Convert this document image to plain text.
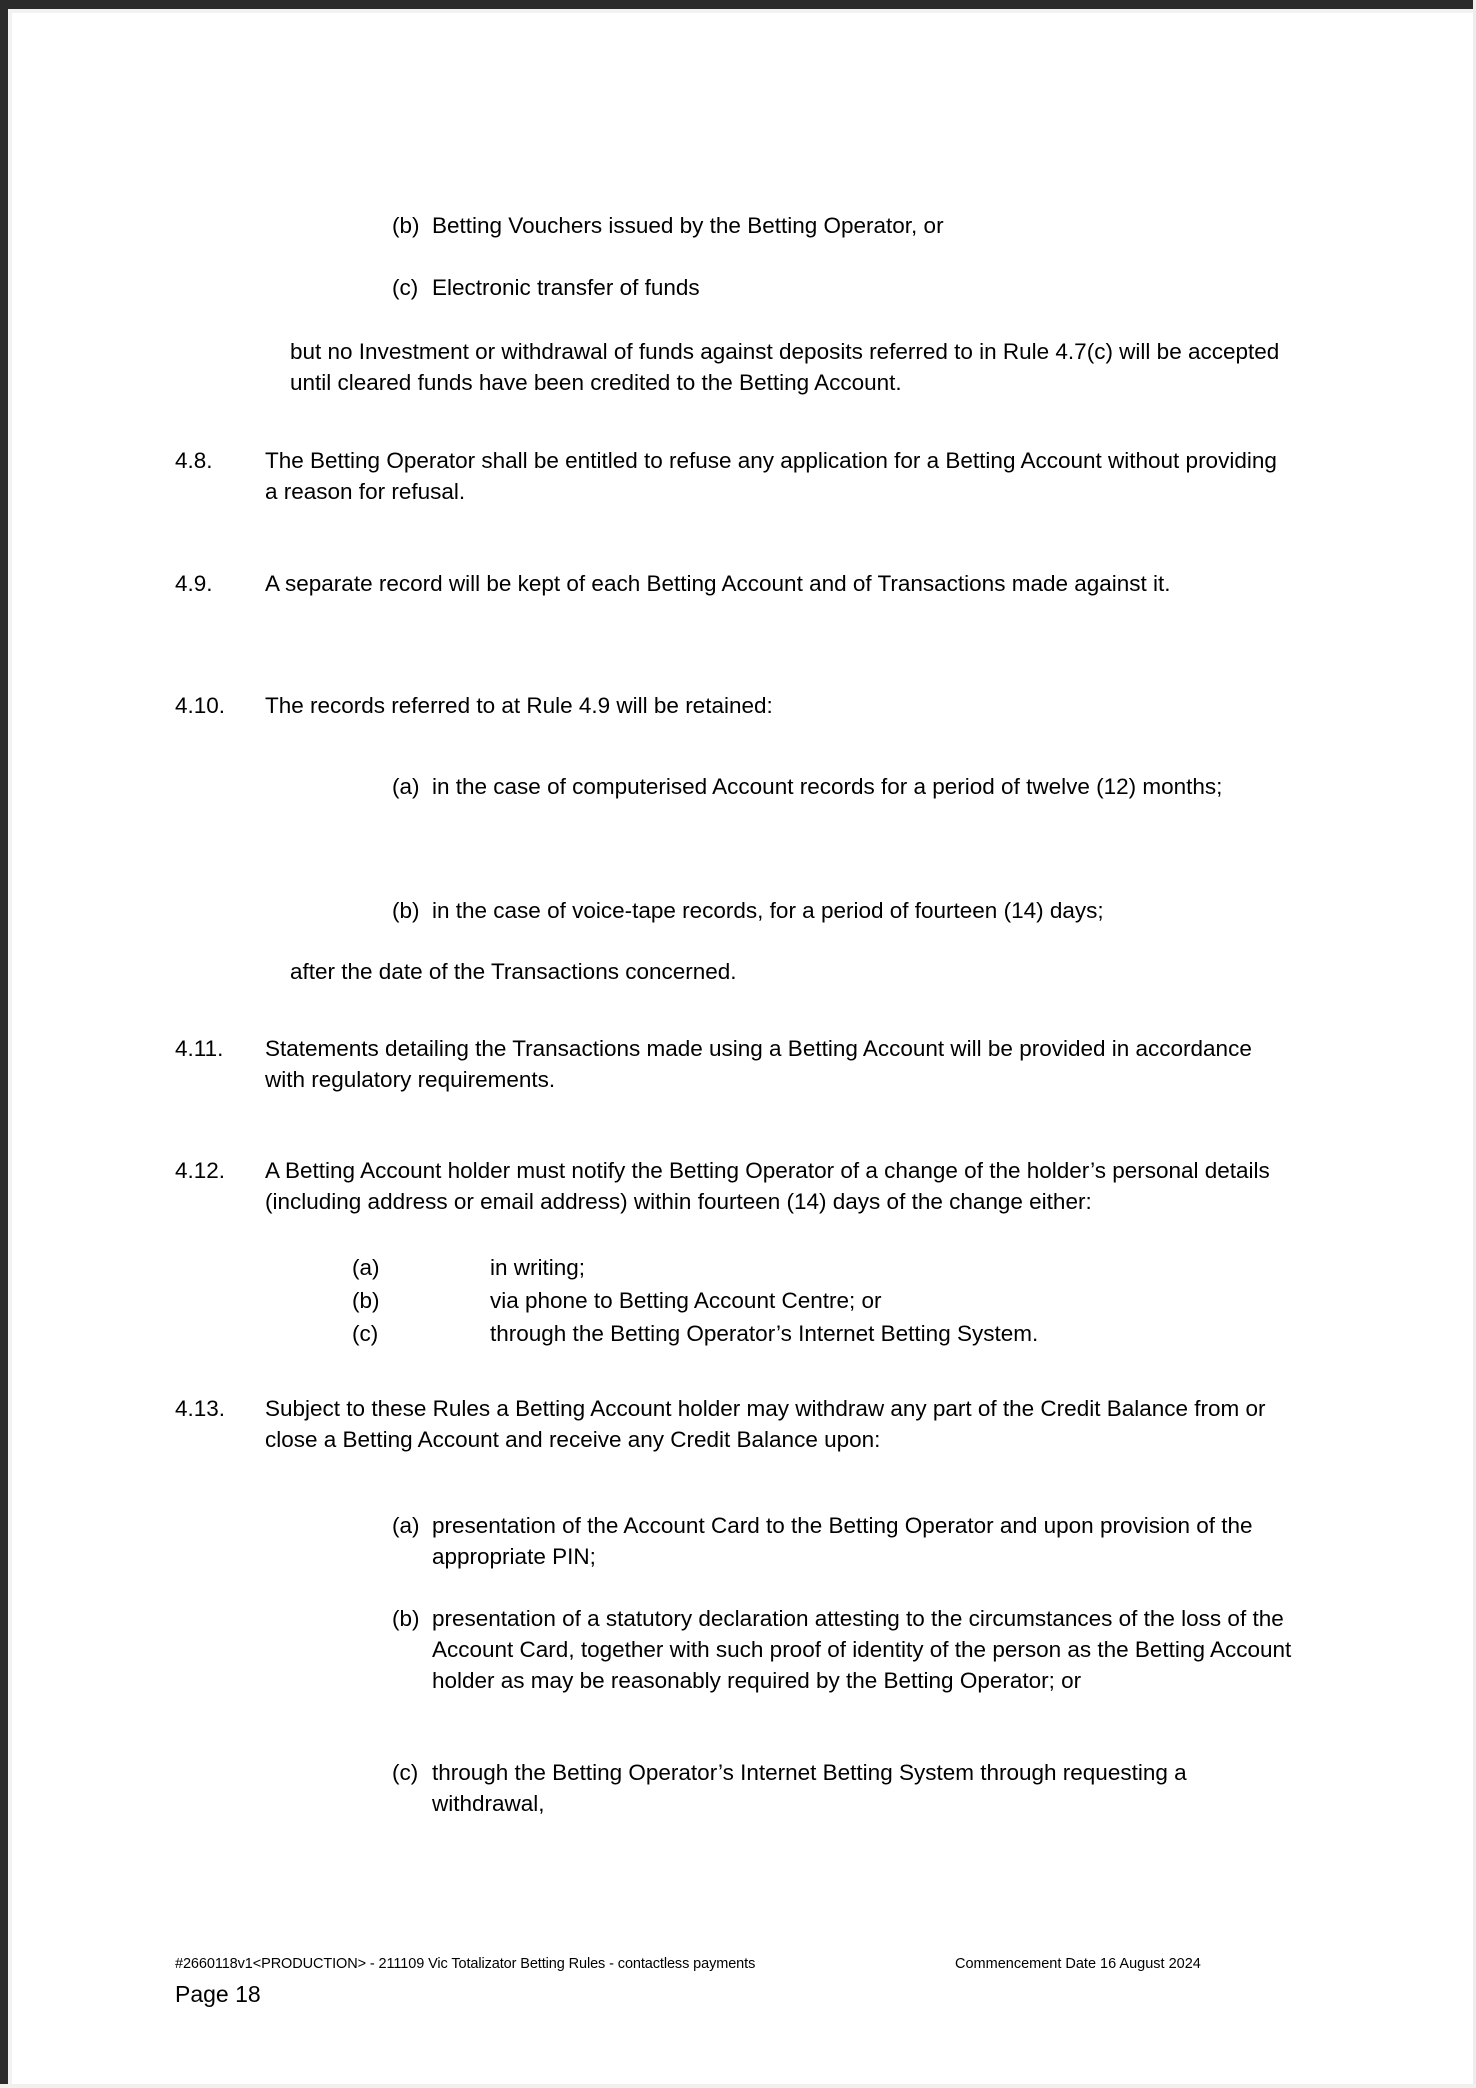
(b) Betting Vouchers issued by the Betting Operator, or
(c) Electronic transfer of funds
but no Investment or withdrawal of funds against deposits referred to in Rule 4.7(c) will be accepted until cleared funds have been credited to the Betting Account.
4.8.	The Betting Operator shall be entitled to refuse any application for a Betting Account without providing a reason for refusal.
4.9.	A separate record will be kept of each Betting Account and of Transactions made against it.
4.10.	The records referred to at Rule 4.9 will be retained:
(a) in the case of computerised Account records for a period of twelve (12) months;
(b) in the case of voice-tape records, for a period of fourteen (14) days;
after the date of the Transactions concerned.
4.11.	Statements detailing the Transactions made using a Betting Account will be provided in accordance with regulatory requirements.
4.12.	A Betting Account holder must notify the Betting Operator of a change of the holder’s personal details (including address or email address) within fourteen (14) days of the change either:
(a)	in writing;
(b)	via phone to Betting Account Centre; or
(c)	through the Betting Operator’s Internet Betting System.
4.13.	Subject to these Rules a Betting Account holder may withdraw any part of the Credit Balance from or close a Betting Account and receive any Credit Balance upon:
(a) presentation of the Account Card to the Betting Operator and upon provision of the appropriate PIN;
(b) presentation of a statutory declaration attesting to the circumstances of the loss of the Account Card, together with such proof of identity of the person as the Betting Account holder as may be reasonably required by the Betting Operator; or
(c) through the Betting Operator’s Internet Betting System through requesting a withdrawal,
#2660118v1<PRODUCTION> - 211109 Vic Totalizator Betting Rules - contactless payments	Commencement Date 16 August 2024
Page 18
